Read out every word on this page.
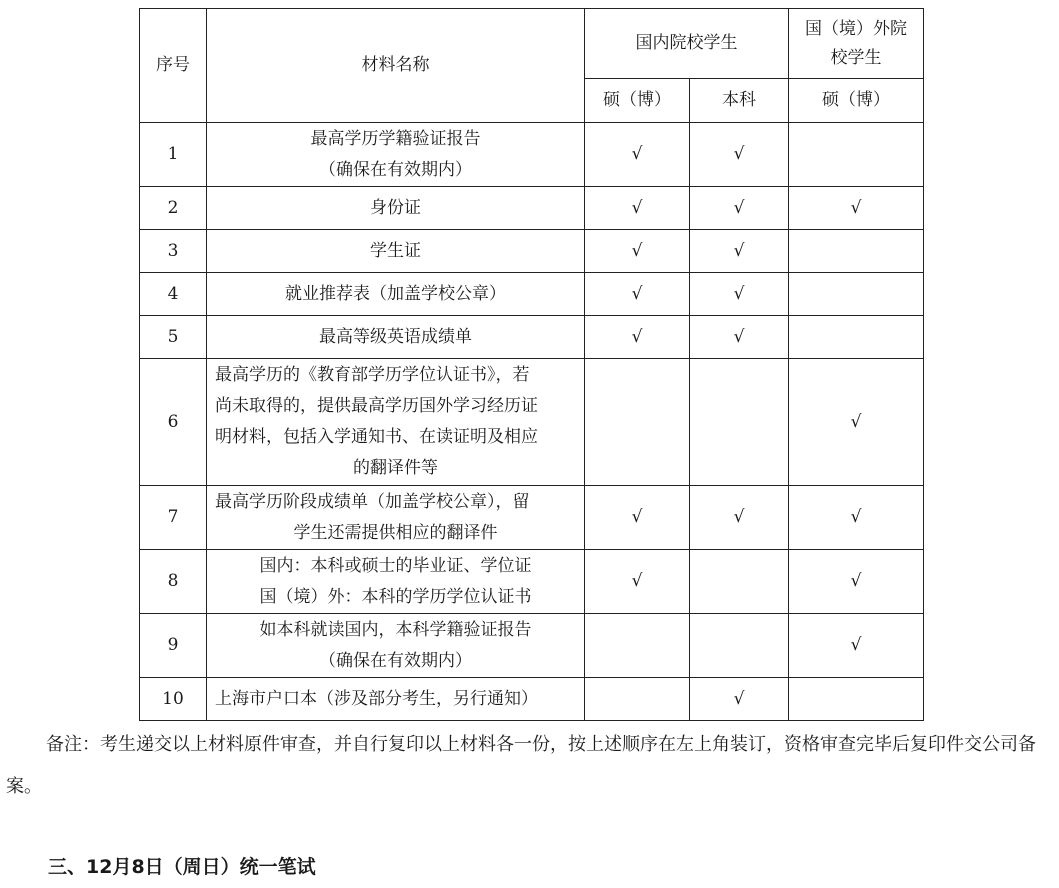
序号	材料名称	国内院校学生		国（境）外院
校学生

		硕（博）	本科	硕（博）
1	最高学历学籍验证报告
（确保在有效期内）	√	√	
2	身份证	√	√	√
3	学生证	√	√	
4	就业推荐表（加盖学校公章）	√	√	
5	最高等级英语成绩单	√	√	
6	最高学历的《教育部学历学位认证书》，若
尚未取得的，提供最高学历国外学习经历证
明材料，包括入学通知书、在读证明及相应
的翻译件等			√
7	最高学历阶段成绩单（加盖学校公章），留
学生还需提供相应的翻译件	√	√	√
8	国内：本科或硕士的毕业证、学位证
国（境）外：本科的学历学位认证书	√		√
9	如本科就读国内，本科学籍验证报告
（确保在有效期内）			√
10	上海市户口本（涉及部分考生，另行通知）		√	
备注：考生递交以上材料原件审查，并自行复印以上材料各一份，按上述顺序在左上角装订，资格审查完毕后复印件交公司备案。
三、12月8日（周日）统一笔试
